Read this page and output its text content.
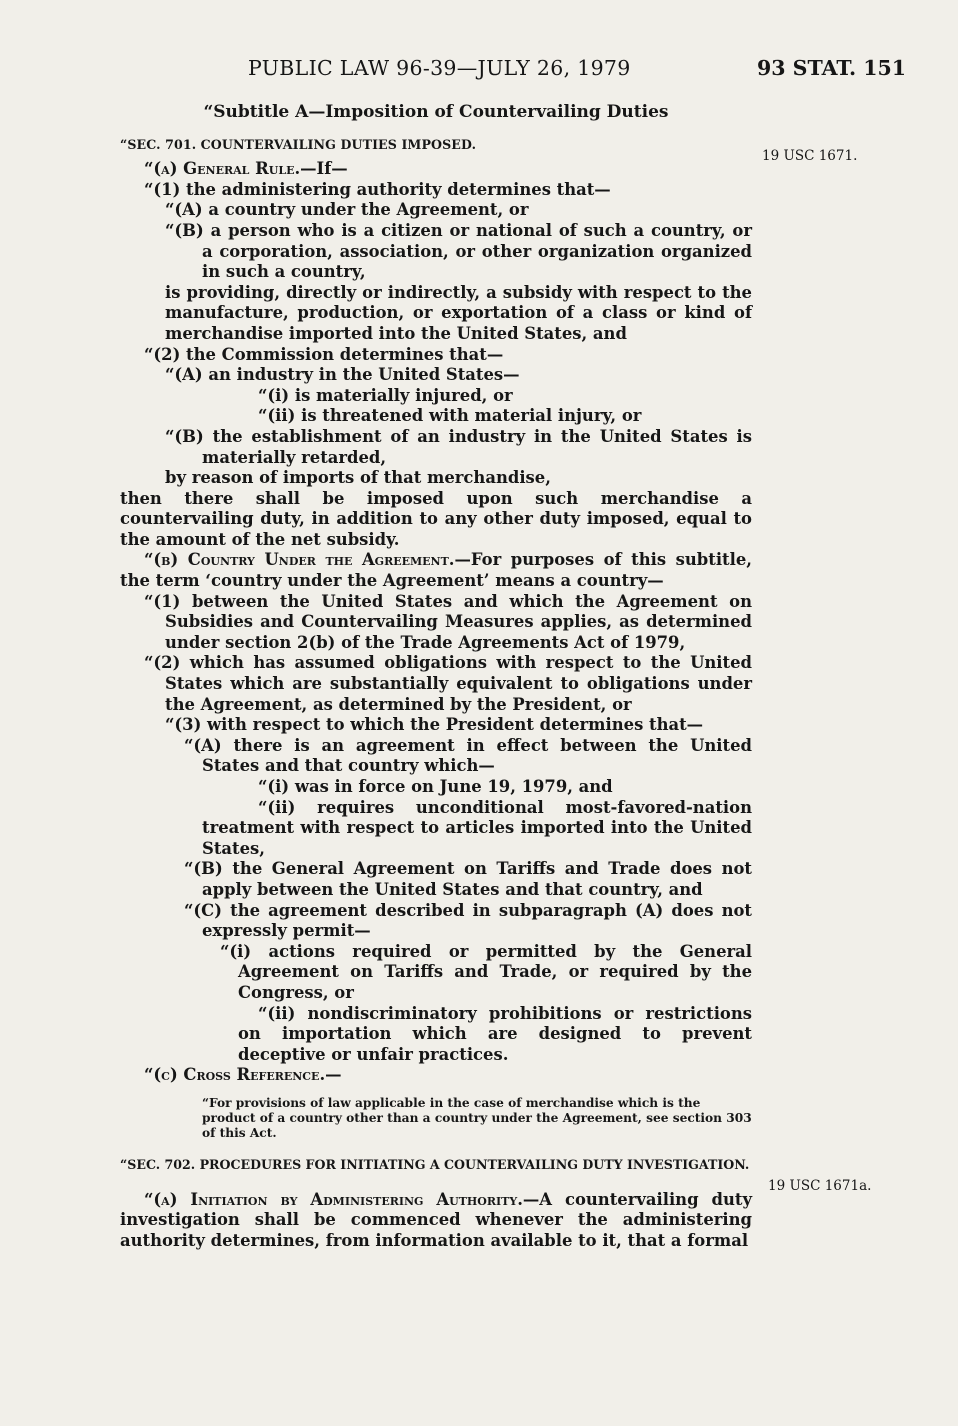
PUBLIC LAW 96-39—JULY 26, 1979	93 STAT. 151
19 USC 1671.
19 USC 1671a.

“Subtitle A—Imposition of Countervailing Duties

“SEC. 701. COUNTERVAILING DUTIES IMPOSED.

“(a) General Rule.—If—

“(1) the administering authority determines that—

“(A) a country under the Agreement, or

“(B) a person who is a citizen or national of such a country, or a corporation, association, or other organization organized in such a country,

is providing, directly or indirectly, a subsidy with respect to the manufacture, production, or exportation of a class or kind of merchandise imported into the United States, and

“(2) the Commission determines that—

“(A) an industry in the United States—

“(i) is materially injured, or

“(ii) is threatened with material injury, or

“(B) the establishment of an industry in the United States is materially retarded,

by reason of imports of that merchandise,

then there shall be imposed upon such merchandise a countervailing duty, in addition to any other duty imposed, equal to the amount of the net subsidy.

“(b) Country Under the Agreement.—For purposes of this subtitle, the term ‘country under the Agreement’ means a country—

“(1) between the United States and which the Agreement on Subsidies and Countervailing Measures applies, as determined under section 2(b) of the Trade Agreements Act of 1979,

“(2) which has assumed obligations with respect to the United States which are substantially equivalent to obligations under the Agreement, as determined by the President, or

“(3) with respect to which the President determines that—

“(A) there is an agreement in effect between the United States and that country which—

“(i) was in force on June 19, 1979, and

“(ii) requires unconditional most-favored-nation treatment with respect to articles imported into the United States,

“(B) the General Agreement on Tariffs and Trade does not apply between the United States and that country, and

“(C) the agreement described in subparagraph (A) does not expressly permit—

“(i) actions required or permitted by the General Agreement on Tariffs and Trade, or required by the Congress, or

“(ii) nondiscriminatory prohibitions or restrictions on importation which are designed to prevent deceptive or unfair practices.

“(c) Cross Reference.—

“For provisions of law applicable in the case of merchandise which is the product of a country other than a country under the Agreement, see section 303 of this Act.

“SEC. 702. PROCEDURES FOR INITIATING A COUNTERVAILING DUTY INVESTIGATION.

“(a) Initiation by Administering Authority.—A countervailing duty investigation shall be commenced whenever the administering authority determines, from information available to it, that a formal
